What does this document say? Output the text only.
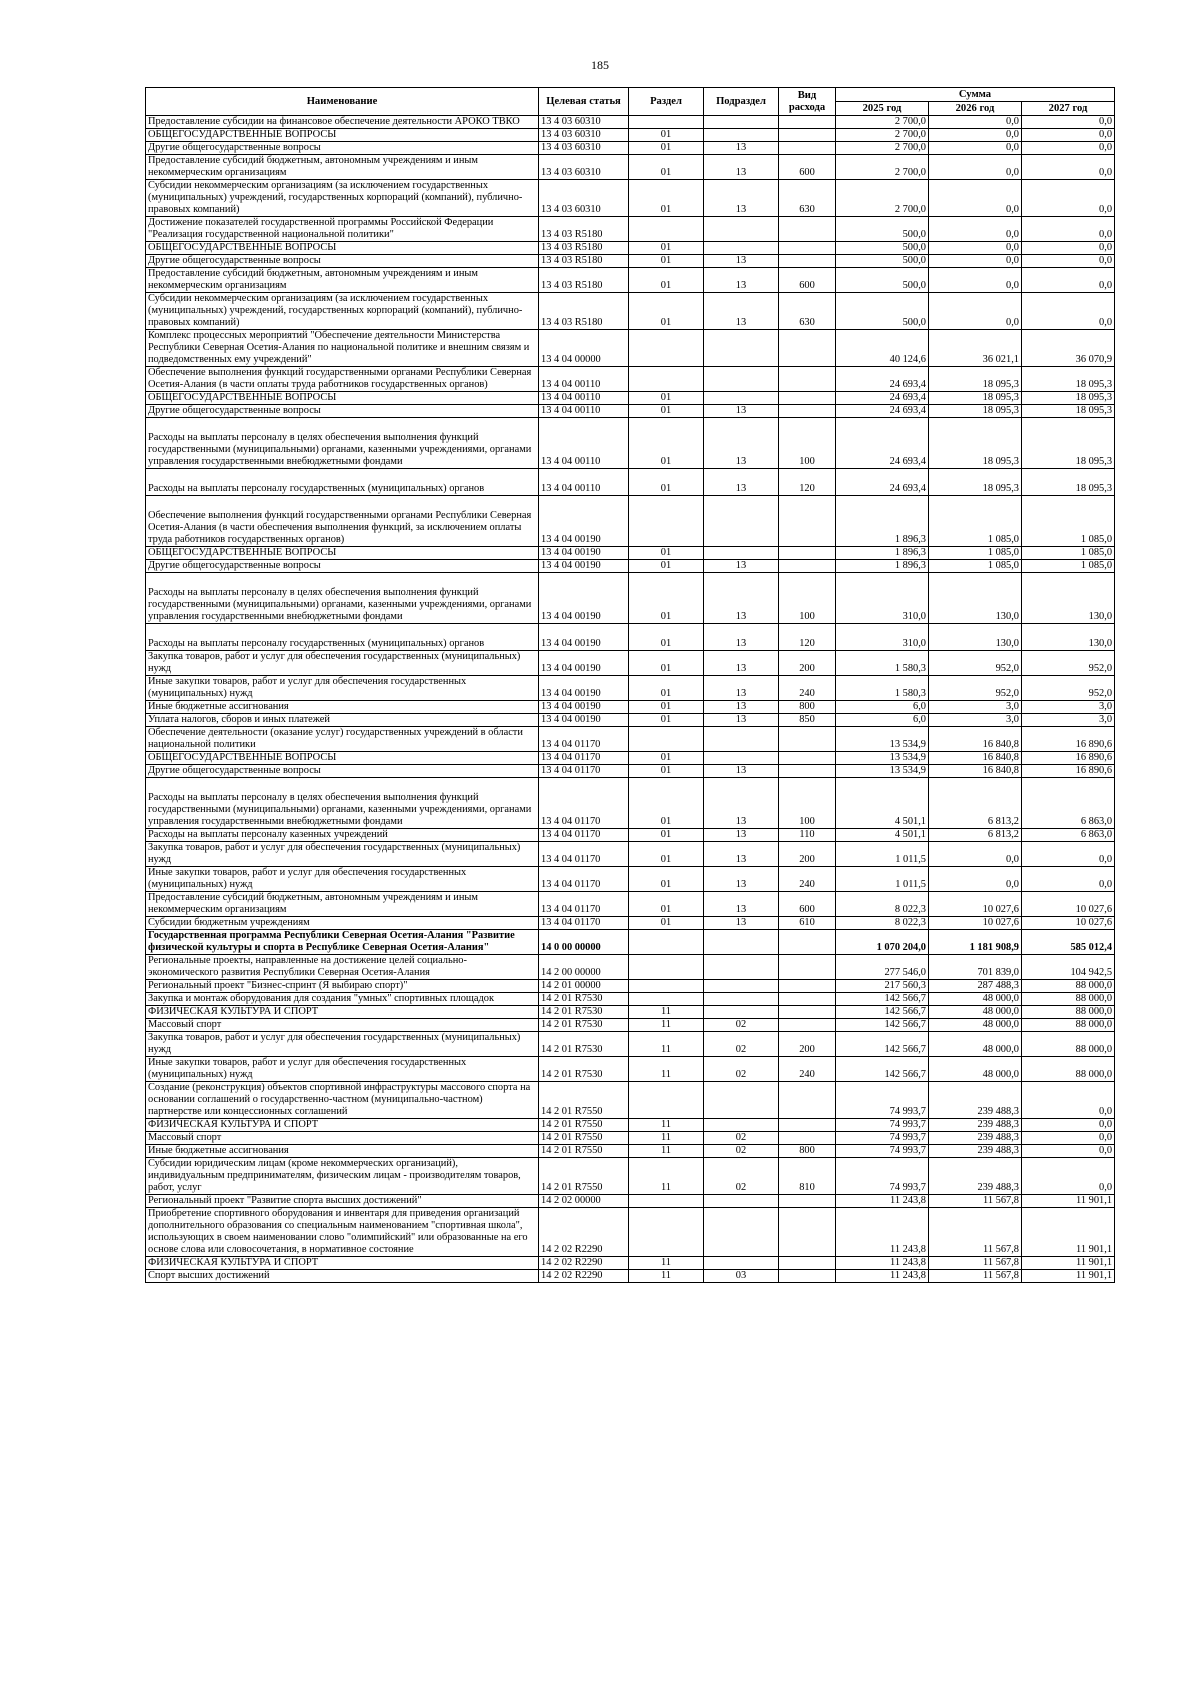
185
Наименование	Целевая статья	Раздел	Подраздел	Вид расхода	Сумма		
					2025 год	2026 год	2027 год
Предоставление субсидии на финансовое обеспечение деятельности АРОКО ТВКО	13 4 03 60310				2 700,0	0,0	0,0
ОБЩЕГОСУДАРСТВЕННЫЕ ВОПРОСЫ	13 4 03 60310	01			2 700,0	0,0	0,0
Другие общегосударственные вопросы	13 4 03 60310	01	13		2 700,0	0,0	0,0
Предоставление субсидий бюджетным, автономным учреждениям и иным некоммерческим организациям	13 4 03 60310	01	13	600	2 700,0	0,0	0,0
Субсидии некоммерческим организациям (за исключением государственных (муниципальных) учреждений, государственных корпораций (компаний), публично-правовых компаний)	13 4 03 60310	01	13	630	2 700,0	0,0	0,0
Достижение показателей государственной программы Российской Федерации "Реализация государственной национальной политики"	13 4 03 R5180				500,0	0,0	0,0
ОБЩЕГОСУДАРСТВЕННЫЕ ВОПРОСЫ	13 4 03 R5180	01			500,0	0,0	0,0
Другие общегосударственные вопросы	13 4 03 R5180	01	13		500,0	0,0	0,0
Предоставление субсидий бюджетным, автономным учреждениям и иным некоммерческим организациям	13 4 03 R5180	01	13	600	500,0	0,0	0,0
Субсидии некоммерческим организациям (за исключением государственных (муниципальных) учреждений, государственных корпораций (компаний), публично-правовых компаний)	13 4 03 R5180	01	13	630	500,0	0,0	0,0
Комплекс процессных мероприятий "Обеспечение деятельности Министерства Республики Северная Осетия-Алания по национальной политике и внешним связям и подведомственных ему учреждений"	13 4 04 00000				40 124,6	36 021,1	36 070,9
Обеспечение выполнения функций государственными органами Республики Северная Осетия-Алания (в части оплаты труда работников государственных органов)	13 4 04 00110				24 693,4	18 095,3	18 095,3
ОБЩЕГОСУДАРСТВЕННЫЕ ВОПРОСЫ	13 4 04 00110	01			24 693,4	18 095,3	18 095,3
Другие общегосударственные вопросы	13 4 04 00110	01	13		24 693,4	18 095,3	18 095,3
Расходы на выплаты персоналу в целях обеспечения выполнения функций государственными (муниципальными) органами, казенными учреждениями, органами управления государственными внебюджетными фондами	13 4 04 00110	01	13	100	24 693,4	18 095,3	18 095,3
Расходы на выплаты персоналу государственных (муниципальных) органов	13 4 04 00110	01	13	120	24 693,4	18 095,3	18 095,3
Обеспечение выполнения функций государственными органами Республики Северная Осетия-Алания (в части обеспечения выполнения функций, за исключением оплаты труда работников государственных органов)	13 4 04 00190				1 896,3	1 085,0	1 085,0
ОБЩЕГОСУДАРСТВЕННЫЕ ВОПРОСЫ	13 4 04 00190	01			1 896,3	1 085,0	1 085,0
Другие общегосударственные вопросы	13 4 04 00190	01	13		1 896,3	1 085,0	1 085,0
Расходы на выплаты персоналу в целях обеспечения выполнения функций государственными (муниципальными) органами, казенными учреждениями, органами управления государственными внебюджетными фондами	13 4 04 00190	01	13	100	310,0	130,0	130,0
Расходы на выплаты персоналу государственных (муниципальных) органов	13 4 04 00190	01	13	120	310,0	130,0	130,0
Закупка товаров, работ и услуг для обеспечения государственных (муниципальных) нужд	13 4 04 00190	01	13	200	1 580,3	952,0	952,0
Иные закупки товаров, работ и услуг для обеспечения государственных (муниципальных) нужд	13 4 04 00190	01	13	240	1 580,3	952,0	952,0
Иные бюджетные ассигнования	13 4 04 00190	01	13	800	6,0	3,0	3,0
Уплата налогов, сборов и иных платежей	13 4 04 00190	01	13	850	6,0	3,0	3,0
Обеспечение деятельности (оказание услуг) государственных учреждений в области национальной политики	13 4 04 01170				13 534,9	16 840,8	16 890,6
ОБЩЕГОСУДАРСТВЕННЫЕ ВОПРОСЫ	13 4 04 01170	01			13 534,9	16 840,8	16 890,6
Другие общегосударственные вопросы	13 4 04 01170	01	13		13 534,9	16 840,8	16 890,6
Расходы на выплаты персоналу в целях обеспечения выполнения функций государственными (муниципальными) органами, казенными учреждениями, органами управления государственными внебюджетными фондами	13 4 04 01170	01	13	100	4 501,1	6 813,2	6 863,0
Расходы на выплаты персоналу казенных учреждений	13 4 04 01170	01	13	110	4 501,1	6 813,2	6 863,0
Закупка товаров, работ и услуг для обеспечения государственных (муниципальных) нужд	13 4 04 01170	01	13	200	1 011,5	0,0	0,0
Иные закупки товаров, работ и услуг для обеспечения государственных (муниципальных) нужд	13 4 04 01170	01	13	240	1 011,5	0,0	0,0
Предоставление субсидий бюджетным, автономным учреждениям и иным некоммерческим организациям	13 4 04 01170	01	13	600	8 022,3	10 027,6	10 027,6
Субсидии бюджетным учреждениям	13 4 04 01170	01	13	610	8 022,3	10 027,6	10 027,6
Государственная программа Республики Северная Осетия-Алания "Развитие физической культуры и спорта в Республике Северная Осетия-Алания"	14 0 00 00000				1 070 204,0	1 181 908,9	585 012,4
Региональные проекты, направленные на достижение целей социально-экономического развития Республики Северная Осетия-Алания	14 2 00 00000				277 546,0	701 839,0	104 942,5
Региональный проект "Бизнес-спринт (Я выбираю спорт)"	14 2 01 00000				217 560,3	287 488,3	88 000,0
Закупка и монтаж оборудования для создания "умных" спортивных площадок	14 2 01 R7530				142 566,7	48 000,0	88 000,0
ФИЗИЧЕСКАЯ КУЛЬТУРА И СПОРТ	14 2 01 R7530	11			142 566,7	48 000,0	88 000,0
Массовый спорт	14 2 01 R7530	11	02		142 566,7	48 000,0	88 000,0
Закупка товаров, работ и услуг для обеспечения государственных (муниципальных) нужд	14 2 01 R7530	11	02	200	142 566,7	48 000,0	88 000,0
Иные закупки товаров, работ и услуг для обеспечения государственных (муниципальных) нужд	14 2 01 R7530	11	02	240	142 566,7	48 000,0	88 000,0
Создание (реконструкция) объектов спортивной инфраструктуры массового спорта на основании соглашений о государственно-частном (муниципально-частном) партнерстве или концессионных соглашений	14 2 01 R7550				74 993,7	239 488,3	0,0
ФИЗИЧЕСКАЯ КУЛЬТУРА И СПОРТ	14 2 01 R7550	11			74 993,7	239 488,3	0,0
Массовый спорт	14 2 01 R7550	11	02		74 993,7	239 488,3	0,0
Иные бюджетные ассигнования	14 2 01 R7550	11	02	800	74 993,7	239 488,3	0,0
Субсидии юридическим лицам (кроме некоммерческих организаций), индивидуальным предпринимателям, физическим лицам - производителям товаров, работ, услуг	14 2 01 R7550	11	02	810	74 993,7	239 488,3	0,0
Региональный проект "Развитие спорта высших достижений"	14 2 02 00000				11 243,8	11 567,8	11 901,1
Приобретение спортивного оборудования и инвентаря для приведения организаций дополнительного образования со специальным наименованием "спортивная школа", использующих в своем наименовании слово "олимпийский" или образованные на его основе слова или словосочетания, в нормативное состояние	14 2 02 R2290				11 243,8	11 567,8	11 901,1
ФИЗИЧЕСКАЯ КУЛЬТУРА И СПОРТ	14 2 02 R2290	11			11 243,8	11 567,8	11 901,1
Спорт высших достижений	14 2 02 R2290	11	03		11 243,8	11 567,8	11 901,1
